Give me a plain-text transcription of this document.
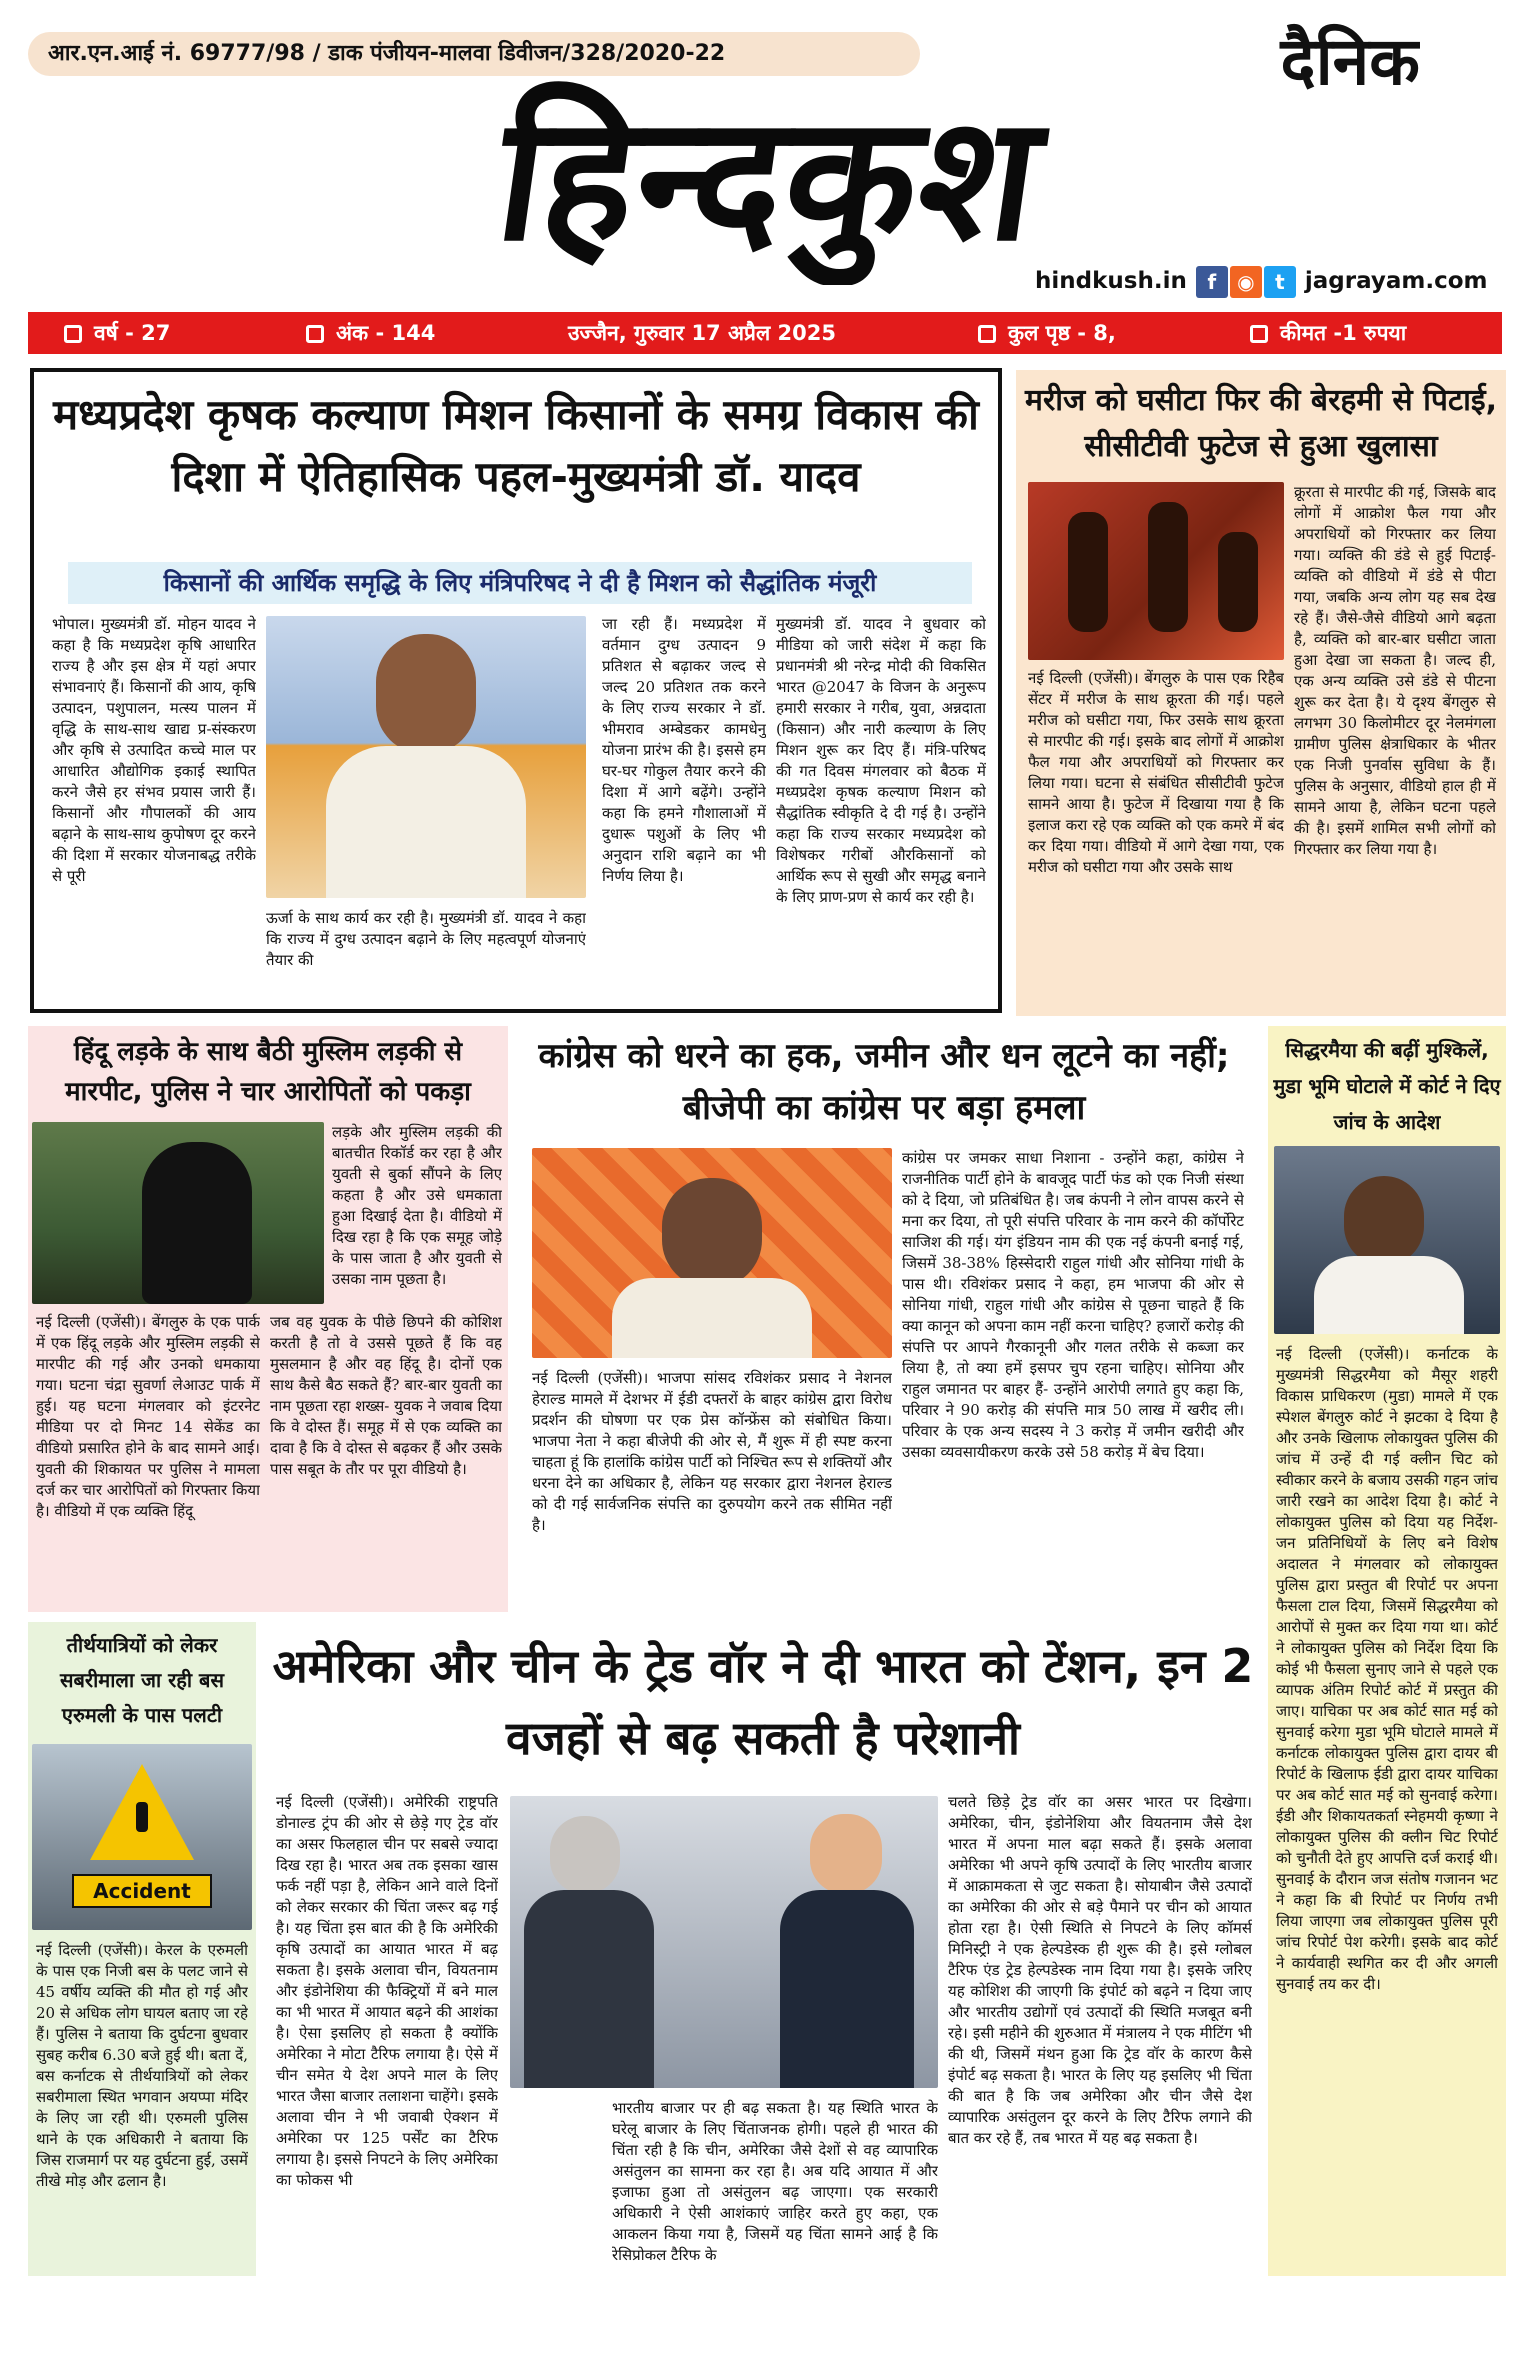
आर.एन.आई नं. 69777/98 / डाक पंजीयन-मालवा डिवीजन/328/2020-22	दैनिक
हिन्दकुश
hindkush.in f ◉ t jagrayam.com
वर्ष - 27	अंक - 144	उज्जैन, गुरुवार 17 अप्रैल 2025	कुल पृष्ठ - 8,	कीमत -1 रुपया
मध्यप्रदेश कृषक कल्याण मिशन किसानों के समग्र विकास की दिशा में ऐतिहासिक पहल-मुख्यमंत्री डॉ. यादव
किसानों की आर्थिक समृद्धि के लिए मंत्रिपरिषद ने दी है मिशन को सैद्धांतिक मंजूरी
भोपाल। मुख्यमंत्री डॉ. मोहन यादव ने कहा है कि मध्यप्रदेश कृषि आधारित राज्य है और इस क्षेत्र में यहां अपार संभावनाएं हैं। किसानों की आय, कृषि उत्पादन, पशुपालन, मत्स्य पालन में वृद्धि के साथ-साथ खाद्य प्र-संस्करण और कृषि से उत्पादित कच्चे माल पर आधारित औद्योगिक इकाई स्थापित करने जैसे हर संभव प्रयास जारी हैं। किसानों और गौपालकों की आय बढ़ाने के साथ-साथ कुपोषण दूर करने की दिशा में सरकार योजनाबद्ध तरीके से पूरी
ऊर्जा के साथ कार्य कर रही है। मुख्यमंत्री डॉ. यादव ने कहा कि राज्य में दुग्ध उत्पादन बढ़ाने के लिए महत्वपूर्ण योजनाएं तैयार की
जा रही हैं। मध्यप्रदेश में वर्तमान दुग्ध उत्पादन 9 प्रतिशत से बढ़ाकर जल्द से जल्द 20 प्रतिशत तक करने के लिए राज्य सरकार ने डॉ. भीमराव अम्बेडकर कामधेनु योजना प्रारंभ की है। इससे हम घर-घर गोकुल तैयार करने की दिशा में आगे बढ़ेंगे। उन्होंने कहा कि हमने गौशालाओं में दुधारू पशुओं के लिए भी अनुदान राशि बढ़ाने का भी निर्णय लिया है।
मुख्यमंत्री डॉ. यादव ने बुधवार को मीडिया को जारी संदेश में कहा कि प्रधानमंत्री श्री नरेन्द्र मोदी की विकसित भारत @2047 के विजन के अनुरूप हमारी सरकार ने गरीब, युवा, अन्नदाता (किसान) और नारी कल्याण के लिए मिशन शुरू कर दिए हैं। मंत्रि-परिषद की गत दिवस मंगलवार को बैठक में मध्यप्रदेश कृषक कल्याण मिशन को सैद्धांतिक स्वीकृति दे दी गई है। उन्होंने कहा कि राज्य सरकार मध्यप्रदेश को विशेषकर गरीबों औरकिसानों को आर्थिक रूप से सुखी और समृद्ध बनाने के लिए प्राण-प्रण से कार्य कर रही है।
मरीज को घसीटा फिर की बेरहमी से पिटाई, सीसीटीवी फुटेज से हुआ खुलासा
क्रूरता से मारपीट की गई, जिसके बाद लोगों में आक्रोश फैल गया और अपराधियों को गिरफ्तार कर लिया गया। व्यक्ति की डंडे से हुई पिटाई- व्यक्ति को वीडियो में डंडे से पीटा गया, जबकि अन्य लोग यह सब देख रहे हैं। जैसे-जैसे वीडियो आगे बढ़ता है, व्यक्ति को बार-बार घसीटा जाता हुआ देखा जा सकता है। जल्द ही, एक अन्य व्यक्ति उसे डंडे से पीटना शुरू कर देता है। ये दृश्य बेंगलुरु से लगभग 30 किलोमीटर दूर नेलमंगला ग्रामीण पुलिस क्षेत्राधिकार के भीतर एक निजी पुनर्वास सुविधा के हैं। पुलिस के अनुसार, वीडियो हाल ही में सामने आया है, लेकिन घटना पहले की है। इसमें शामिल सभी लोगों को गिरफ्तार कर लिया गया है।
नई दिल्ली (एजेंसी)। बेंगलुरु के पास एक रिहैब सेंटर में मरीज के साथ क्रूरता की गई। पहले मरीज को घसीटा गया, फिर उसके साथ क्रूरता से मारपीट की गई। इसके बाद लोगों में आक्रोश फैल गया और अपराधियों को गिरफ्तार कर लिया गया। घटना से संबंधित सीसीटीवी फुटेज सामने आया है। फुटेज में दिखाया गया है कि इलाज करा रहे एक व्यक्ति को एक कमरे में बंद कर दिया गया। वीडियो में आगे देखा गया, एक मरीज को घसीटा गया और उसके साथ
हिंदू लड़के के साथ बैठी मुस्लिम लड़की से मारपीट, पुलिस ने चार आरोपितों को पकड़ा
लड़के और मुस्लिम लड़की की बातचीत रिकॉर्ड कर रहा है और युवती से बुर्का सौंपने के लिए कहता है और उसे धमकाता हुआ दिखाई देता है। वीडियो में दिख रहा है कि एक समूह जोड़े के पास जाता है और युवती से उसका नाम पूछता है।
नई दिल्ली (एजेंसी)। बेंगलुरु के एक पार्क में एक हिंदू लड़के और मुस्लिम लड़की से मारपीट की गई और उनको धमकाया गया। घटना चंद्रा सुवर्णा लेआउट पार्क में हुई। यह घटना मंगलवार को इंटरनेट मीडिया पर दो मिनट 14 सेकेंड का वीडियो प्रसारित होने के बाद सामने आई। युवती की शिकायत पर पुलिस ने मामला दर्ज कर चार आरोपितों को गिरफ्तार किया है। वीडियो में एक व्यक्ति हिंदू
जब वह युवक के पीछे छिपने की कोशिश करती है तो वे उससे पूछते हैं कि वह मुसलमान है और वह हिंदू है। दोनों एक साथ कैसे बैठ सकते हैं? बार-बार युवती का नाम पूछता रहा शख्स- युवक ने जवाब दिया कि वे दोस्त हैं। समूह में से एक व्यक्ति का दावा है कि वे दोस्त से बढ़कर हैं और उसके पास सबूत के तौर पर पूरा वीडियो है।
कांग्रेस को धरने का हक, जमीन और धन लूटने का नहीं; बीजेपी का कांग्रेस पर बड़ा हमला
नई दिल्ली (एजेंसी)। भाजपा सांसद रविशंकर प्रसाद ने नेशनल हेराल्ड मामले में देशभर में ईडी दफ्तरों के बाहर कांग्रेस द्वारा विरोध प्रदर्शन की घोषणा पर एक प्रेस कॉन्फ्रेंस को संबोधित किया। भाजपा नेता ने कहा बीजेपी की ओर से, मैं शुरू में ही स्पष्ट करना चाहता हूं कि हालांकि कांग्रेस पार्टी को निश्चित रूप से शक्तियों और धरना देने का अधिकार है, लेकिन यह सरकार द्वारा नेशनल हेराल्ड को दी गई सार्वजनिक संपत्ति का दुरुपयोग करने तक सीमित नहीं है।
कांग्रेस पर जमकर साधा निशाना - उन्होंने कहा, कांग्रेस ने राजनीतिक पार्टी होने के बावजूद पार्टी फंड को एक निजी संस्था को दे दिया, जो प्रतिबंधित है। जब कंपनी ने लोन वापस करने से मना कर दिया, तो पूरी संपत्ति परिवार के नाम करने की कॉर्पोरेट साजिश की गई। यंग इंडियन नाम की एक नई कंपनी बनाई गई, जिसमें 38-38% हिस्सेदारी राहुल गांधी और सोनिया गांधी के पास थी। रविशंकर प्रसाद ने कहा, हम भाजपा की ओर से सोनिया गांधी, राहुल गांधी और कांग्रेस से पूछना चाहते हैं कि क्या कानून को अपना काम नहीं करना चाहिए? हजारों करोड़ की संपत्ति पर आपने गैरकानूनी और गलत तरीके से कब्जा कर लिया है, तो क्या हमें इसपर चुप रहना चाहिए। सोनिया और राहुल जमानत पर बाहर हैं- उन्होंने आरोपी लगाते हुए कहा कि, परिवार ने 90 करोड़ की संपत्ति मात्र 50 लाख में खरीद ली। परिवार के एक अन्य सदस्य ने 3 करोड़ में जमीन खरीदी और उसका व्यवसायीकरण करके उसे 58 करोड़ में बेच दिया।
सिद्धरमैया की बढ़ीं मुश्किलें, मुडा भूमि घोटाले में कोर्ट ने दिए जांच के आदेश
नई दिल्ली (एजेंसी)। कर्नाटक के मुख्यमंत्री सिद्धरमैया को मैसूर शहरी विकास प्राधिकरण (मुडा) मामले में एक स्पेशल बेंगलुरु कोर्ट ने झटका दे दिया है और उनके खिलाफ लोकायुक्त पुलिस की जांच में उन्हें दी गई क्लीन चिट को स्वीकार करने के बजाय उसकी गहन जांच जारी रखने का आदेश दिया है। कोर्ट ने लोकायुक्त पुलिस को दिया यह निर्देश- जन प्रतिनिधियों के लिए बने विशेष अदालत ने मंगलवार को लोकायुक्त पुलिस द्वारा प्रस्तुत बी रिपोर्ट पर अपना फैसला टाल दिया, जिसमें सिद्धरमैया को आरोपों से मुक्त कर दिया गया था। कोर्ट ने लोकायुक्त पुलिस को निर्देश दिया कि कोई भी फैसला सुनाए जाने से पहले एक व्यापक अंतिम रिपोर्ट कोर्ट में प्रस्तुत की जाए। याचिका पर अब कोर्ट सात मई को सुनवाई करेगा मुडा भूमि घोटाले मामले में कर्नाटक लोकायुक्त पुलिस द्वारा दायर बी रिपोर्ट के खिलाफ ईडी द्वारा दायर याचिका पर अब कोर्ट सात मई को सुनवाई करेगा। ईडी और शिकायतकर्ता स्नेहमयी कृष्णा ने लोकायुक्त पुलिस की क्लीन चिट रिपोर्ट को चुनौती देते हुए आपत्ति दर्ज कराई थी। सुनवाई के दौरान जज संतोष गजानन भट ने कहा कि बी रिपोर्ट पर निर्णय तभी लिया जाएगा जब लोकायुक्त पुलिस पूरी जांच रिपोर्ट पेश करेगी। इसके बाद कोर्ट ने कार्यवाही स्थगित कर दी और अगली सुनवाई तय कर दी।
तीर्थयात्रियों को लेकर सबरीमाला जा रही बस एरुमली के पास पलटी
Accident
नई दिल्ली (एजेंसी)। केरल के एरुमली के पास एक निजी बस के पलट जाने से 45 वर्षीय व्यक्ति की मौत हो गई और 20 से अधिक लोग घायल बताए जा रहे हैं। पुलिस ने बताया कि दुर्घटना बुधवार सुबह करीब 6.30 बजे हुई थी। बता दें, बस कर्नाटक से तीर्थयात्रियों को लेकर सबरीमाला स्थित भगवान अयप्पा मंदिर के लिए जा रही थी। एरुमली पुलिस थाने के एक अधिकारी ने बताया कि जिस राजमार्ग पर यह दुर्घटना हुई, उसमें तीखे मोड़ और ढलान है।
अमेरिका और चीन के ट्रेड वॉर ने दी भारत को टेंशन, इन 2 वजहों से बढ़ सकती है परेशानी
नई दिल्ली (एजेंसी)। अमेरिकी राष्ट्रपति डोनाल्ड ट्रंप की ओर से छेड़े गए ट्रेड वॉर का असर फिलहाल चीन पर सबसे ज्यादा दिख रहा है। भारत अब तक इसका खास फर्क नहीं पड़ा है, लेकिन आने वाले दिनों को लेकर सरकार की चिंता जरूर बढ़ गई है। यह चिंता इस बात की है कि अमेरिकी कृषि उत्पादों का आयात भारत में बढ़ सकता है। इसके अलावा चीन, वियतनाम और इंडोनेशिया की फैक्ट्रियों में बने माल का भी भारत में आयात बढ़ने की आशंका है। ऐसा इसलिए हो सकता है क्योंकि अमेरिका ने मोटा टैरिफ लगाया है। ऐसे में चीन समेत ये देश अपने माल के लिए भारत जैसा बाजार तलाशना चाहेंगे। इसके अलावा चीन ने भी जवाबी ऐक्शन में अमेरिका पर 125 पर्सेंट का टैरिफ लगाया है। इससे निपटने के लिए अमेरिका का फोकस भी
भारतीय बाजार पर ही बढ़ सकता है। यह स्थिति भारत के घरेलू बाजार के लिए चिंताजनक होगी। पहले ही भारत की चिंता रही है कि चीन, अमेरिका जैसे देशों से वह व्यापारिक असंतुलन का सामना कर रहा है। अब यदि आयात में और इजाफा हुआ तो असंतुलन बढ़ जाएगा। एक सरकारी अधिकारी ने ऐसी आशंकाएं जाहिर करते हुए कहा, एक आकलन किया गया है, जिसमें यह चिंता सामने आई है कि रेसिप्रोकल टैरिफ के
चलते छिड़े ट्रेड वॉर का असर भारत पर दिखेगा। अमेरिका, चीन, इंडोनेशिया और वियतनाम जैसे देश भारत में अपना माल बढ़ा सकते हैं। इसके अलावा अमेरिका भी अपने कृषि उत्पादों के लिए भारतीय बाजार में आक्रामकता से जुट सकता है। सोयाबीन जैसे उत्पादों का अमेरिका की ओर से बड़े पैमाने पर चीन को आयात होता रहा है। ऐसी स्थिति से निपटने के लिए कॉमर्स मिनिस्ट्री ने एक हेल्पडेस्क ही शुरू की है। इसे ग्लोबल टैरिफ एंड ट्रेड हेल्पडेस्क नाम दिया गया है। इसके जरिए यह कोशिश की जाएगी कि इंपोर्ट को बढ़ने न दिया जाए और भारतीय उद्योगों एवं उत्पादों की स्थिति मजबूत बनी रहे। इसी महीने की शुरुआत में मंत्रालय ने एक मीटिंग भी की थी, जिसमें मंथन हुआ कि ट्रेड वॉर के कारण कैसे इंपोर्ट बढ़ सकता है। भारत के लिए यह इसलिए भी चिंता की बात है कि जब अमेरिका और चीन जैसे देश व्यापारिक असंतुलन दूर करने के लिए टैरिफ लगाने की बात कर रहे हैं, तब भारत में यह बढ़ सकता है।
